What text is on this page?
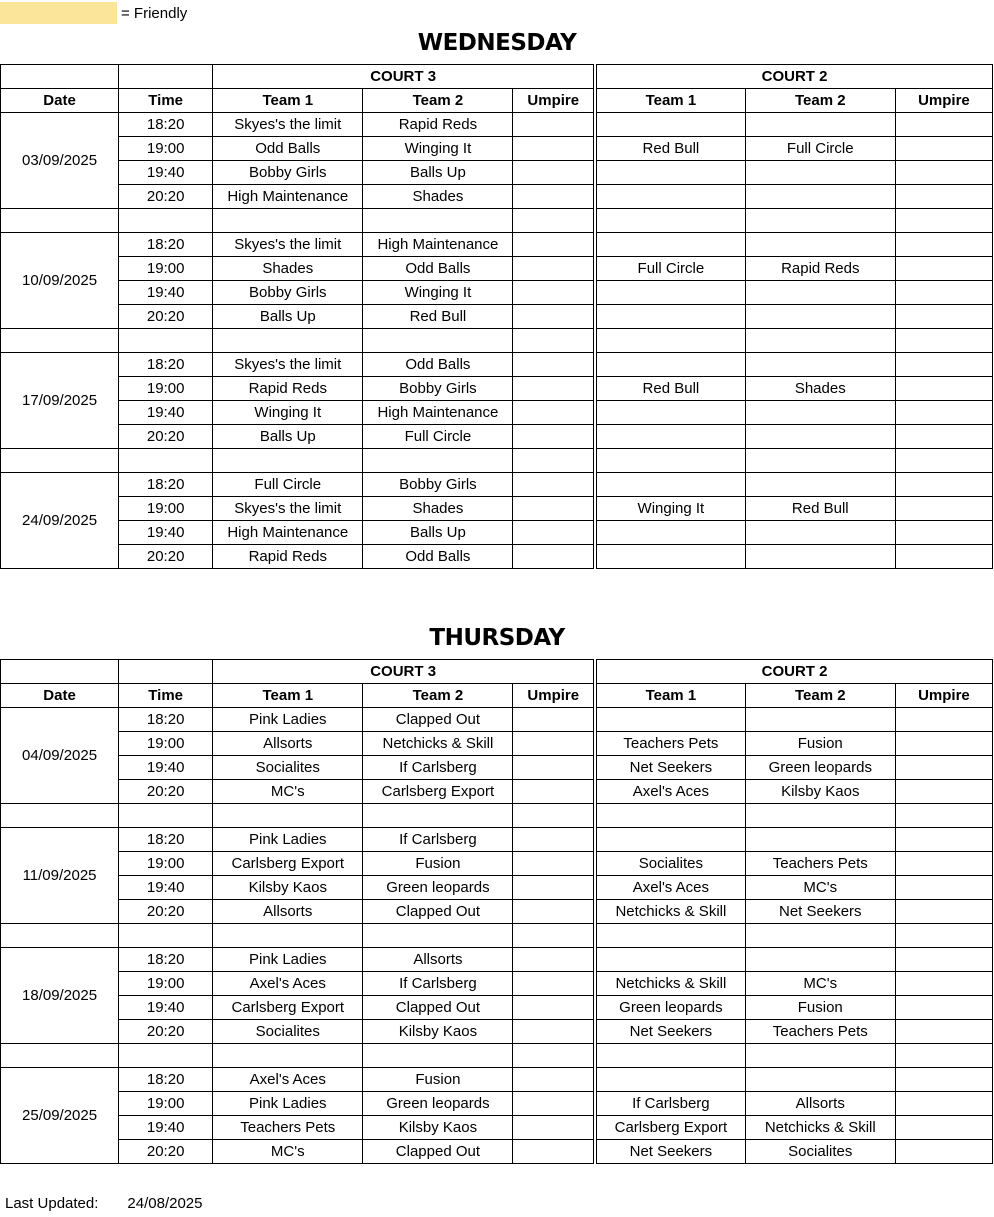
= Friendly
WEDNESDAY
		COURT 3			COURT 2		
Date	Time	Team 1	Team 2	Umpire	Team 1	Team 2	Umpire
03/09/2025	18:20	Skyes's the limit	Rapid Reds				
	19:00	Odd Balls	Winging It		Red Bull	Full Circle	
	19:40	Bobby Girls	Balls Up				
	20:20	High Maintenance	Shades				

10/09/2025	18:20	Skyes's the limit	High Maintenance				
	19:00	Shades	Odd Balls		Full Circle	Rapid Reds	
	19:40	Bobby Girls	Winging It				
	20:20	Balls Up	Red Bull				

17/09/2025	18:20	Skyes's the limit	Odd Balls				
	19:00	Rapid Reds	Bobby Girls		Red Bull	Shades	
	19:40	Winging It	High Maintenance				
	20:20	Balls Up	Full Circle				

24/09/2025	18:20	Full Circle	Bobby Girls				
	19:00	Skyes's the limit	Shades		Winging It	Red Bull	
	19:40	High Maintenance	Balls Up				
	20:20	Rapid Reds	Odd Balls				
THURSDAY
		COURT 3			COURT 2		
Date	Time	Team 1	Team 2	Umpire	Team 1	Team 2	Umpire
04/09/2025	18:20	Pink Ladies	Clapped Out				
	19:00	Allsorts	Netchicks & Skill		Teachers Pets	Fusion	
	19:40	Socialites	If Carlsberg		Net Seekers	Green leopards	
	20:20	MC's	Carlsberg Export		Axel's Aces	Kilsby Kaos	

11/09/2025	18:20	Pink Ladies	If Carlsberg				
	19:00	Carlsberg Export	Fusion		Socialites	Teachers Pets	
	19:40	Kilsby Kaos	Green leopards		Axel's Aces	MC's	
	20:20	Allsorts	Clapped Out		Netchicks & Skill	Net Seekers	

18/09/2025	18:20	Pink Ladies	Allsorts				
	19:00	Axel's Aces	If Carlsberg		Netchicks & Skill	MC's	
	19:40	Carlsberg Export	Clapped Out		Green leopards	Fusion	
	20:20	Socialites	Kilsby Kaos		Net Seekers	Teachers Pets	

25/09/2025	18:20	Axel's Aces	Fusion				
	19:00	Pink Ladies	Green leopards		If Carlsberg	Allsorts	
	19:40	Teachers Pets	Kilsby Kaos		Carlsberg Export	Netchicks & Skill	
	20:20	MC's	Clapped Out		Net Seekers	Socialites	
Last Updated: 24/08/2025
